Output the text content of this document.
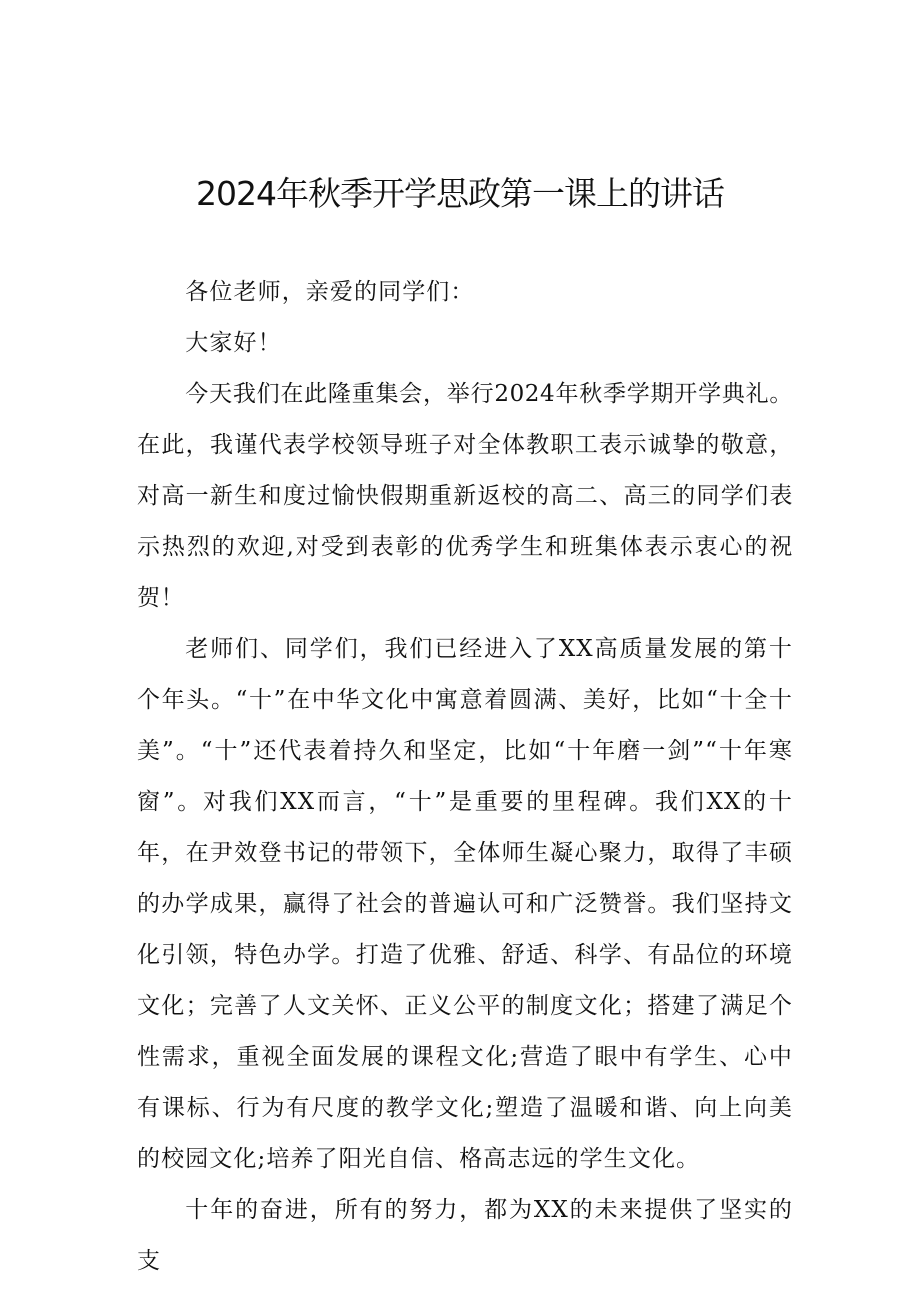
2024年秋季开学思政第一课上的讲话

各位老师，亲爱的同学们：

大家好！

今天我们在此隆重集会，举行2024年秋季学期开学典礼。在此，我谨代表学校领导班子对全体教职工表示诚挚的敬意，对高一新生和度过愉快假期重新返校的高二、高三的同学们表示热烈的欢迎,对受到表彰的优秀学生和班集体表示衷心的祝贺！

老师们、同学们，我们已经进入了XX高质量发展的第十个年头。“十”在中华文化中寓意着圆满、美好，比如“十全十美”。“十”还代表着持久和坚定，比如“十年磨一剑”“十年寒窗”。对我们XX而言，“十”是重要的里程碑。我们XX的十年，在尹效登书记的带领下，全体师生凝心聚力，取得了丰硕的办学成果，赢得了社会的普遍认可和广泛赞誉。我们坚持文化引领，特色办学。打造了优雅、舒适、科学、有品位的环境文化；完善了人文关怀、正义公平的制度文化；搭建了满足个性需求，重视全面发展的课程文化;营造了眼中有学生、心中有课标、行为有尺度的教学文化;塑造了温暖和谐、向上向美的校园文化;培养了阳光自信、格高志远的学生文化。

十年的奋进，所有的努力，都为XX的未来提供了坚实的支
